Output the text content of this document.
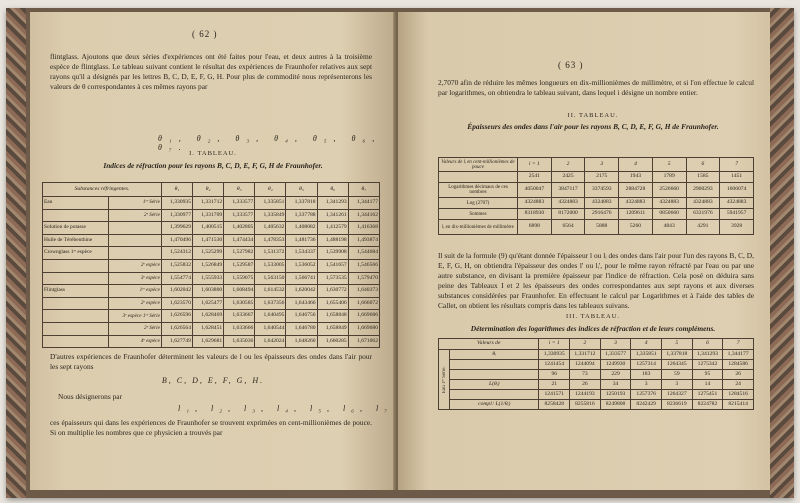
( 62 )
flintglass. Ajoutons que deux séries d'expériences ont été faites pour l'eau, et deux autres à la troisième espèce de flintglass. Le tableau suivant contient le résultat des expériences de Fraunhofer relatives aux sept rayons qu'il a désignés par les lettres B, C, D, E, F, G, H. Pour plus de commodité nous représenterons les valeurs de θ correspondantes à ces mêmes rayons par
θ₁, θ₂, θ₃, θ₄, θ₅, θ₆, θ₇.
I. TABLEAU.
Indices de réfraction pour les rayons B, C, D, E, F, G, H de Fraunhofer.
Substances réfringentes.		θ₁	θ₂	θ₃	θ₄	θ₅	θ₆	θ₇
Eau	1ʳᵉ Série	1,330935	1,331712	1,333577	1,335851	1,337818	1,341293	1,344177
	2ᵉ Série	1,330977	1,331709	1,333577	1,335849	1,337788	1,341261	1,344162
Solution de potasse		1,399629	1,400515	1,402805	1,405632	1,408082	1,412579	1,416368
Huile de Térébenthine		1,470496	1,471530	1,474434	1,478353	1,481736	1,488198	1,493874
Crownglass 1ʳᵉ espèce		1,524312	1,525299	1,527982	1,531372	1,534337	1,539908	1,544684
	2ᵉ espèce	1,525832	1,526849	1,529587	1,533005	1,536052	1,541657	1,546566
	3ᵉ espèce	1,554774	1,555933	1,559075	1,563150	1,566741	1,573535	1,579470
Flintglass	1ʳᵉ espèce	1,602042	1,603800	1,608494	1,614532	1,620042	1,630772	1,640373
	2ᵉ espèce	1,623570	1,625477	1,630585	1,637356	1,643466	1,655406	1,666072
	3ᵉ espèce 1ʳᵉ Série	1,626596	1,628469	1,633667	1,640495	1,646756	1,658848	1,669686
	2ᵉ Série	1,626564	1,628451	1,633666	1,640544	1,646780	1,658849	1,669680
	4ᵉ espèce	1,627749	1,629681	1,635036	1,642024	1,648260	1,660285	1,671062
D'autres expériences de Fraunhofer déterminent les valeurs de l ou les épaisseurs des ondes dans l'air pour les sept rayons
B, C, D, E, F, G, H.
Nous désignerons par
l₁, l₂, l₃, l₄, l₅, l₆, l₇
ces épaisseurs qui dans les expériences de Fraunhofer se trouvent exprimées en cent-millionièmes de pouce. Si on multiplie les nombres que ce physicien a trouvés par
( 63 )
2,7070 afin de réduire les mêmes longueurs en dix-millionièmes de millimètre, et si l'on effectue le calcul par logarithmes, on obtiendra le tableau suivant, dans lequel i désigne un nombre entier.
II. TABLEAU.
Épaisseurs des ondes dans l'air pour les rayons B, C, D, E, F, G, H de Fraunhofer.
Valeurs de lᵢ en cent-millionièmes de pouce	i = 1	2	3	4	5	6	7
	2541	2425	2175	1943	1789	1585	1451
Logarithmes décimaux de ces nombres	4050047	3847117	3374593	2884728	2526660	2900293	1606074
Log (2707)	4324883	4324883	4324883	4324883	4324883	4324883	4324883
Sommes	8318930	8172000	2916476	1209611	0850660	6331976	5941957
lᵢ en dix-millionièmes de millimètre	6898	6564	5888	5260	4843	4291	3928
Il suit de la formule (9) qu'étant donnée l'épaisseur l ou lᵢ des ondes dans l'air pour l'un des rayons B, C, D, E, F, G, H, on obtiendra l'épaisseur des ondes l' ou lᵢ', pour le même rayon réfracté par l'eau ou par une autre substance, en divisant la première épaisseur par l'indice de réfraction. Cela posé on déduira sans peine des Tableaux I et 2 les épaisseurs des ondes correspondantes aux sept rayons et aux diverses substances considérées par Fraunhofer. En effectuant le calcul par Logarithmes et à l'aide des tables de Callet, on obtient les résultats compris dans les tableaux suivans.
III. TABLEAU.
Détermination des logarithmes des indices de réfraction et de leurs complémens.
Valeurs de		i = 1	2	3	4	5	6	7
Eau 1ʳᵉ Série.	θᵢ	1,330935	1,331712	1,333577	1,335851	1,337818	1,341293	1,344177
		1241454	1244094	1249930	1257314	1264345	1275342	1284586
		96	73	229	183	59	95	26
	L(θᵢ)	21	26	34	3	3	14	24
		1241571	1244193	1250193	1257376	1264327	1275451	1284516
	compl.ᵗ L(1/θᵢ)	8258428	8255816	8249808	8242429	8236619	8224782	8215414
